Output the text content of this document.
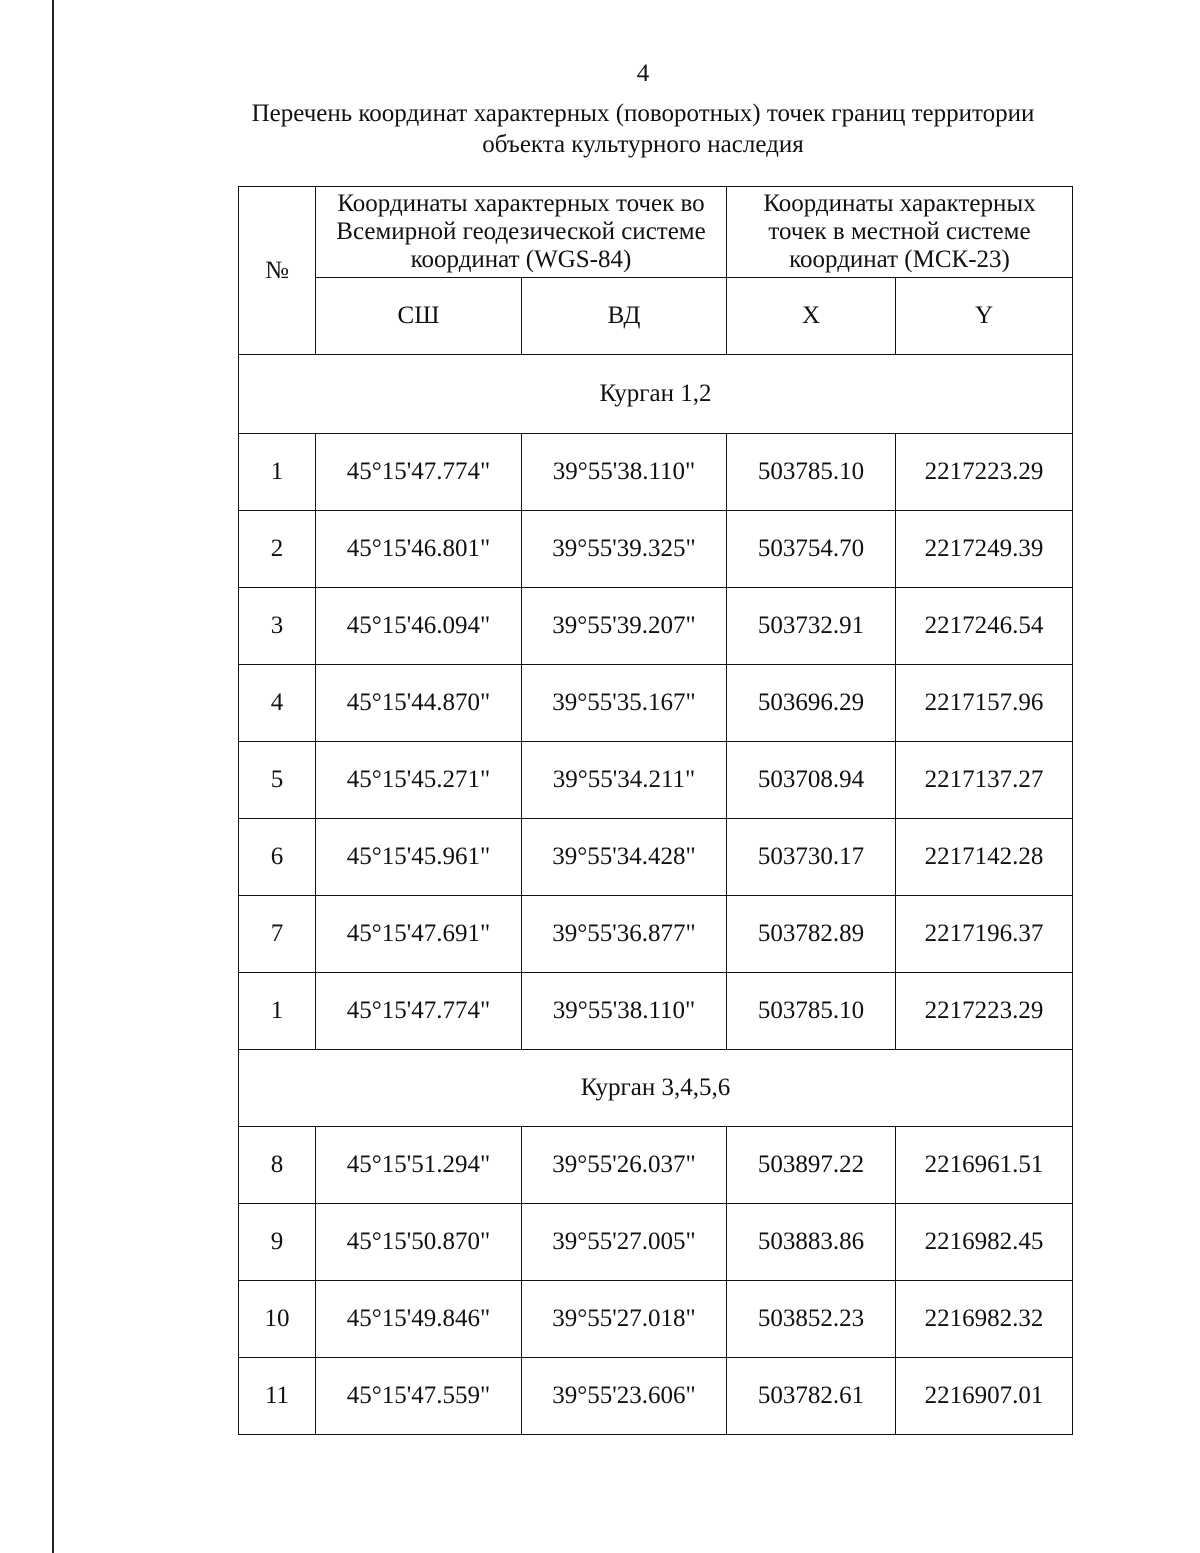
4
Перечень координат характерных (поворотных) точек границ территории
объекта культурного наследия
№	Координаты характерных точек во
Всемирной геодезической системе
координат (WGS-84)		Координаты характерных
точек в местной системе
координат (МСК-23)	

	СШ	ВД	X	Y
Курган 1,2				
1	45°15'47.774"	39°55'38.110"	503785.10	2217223.29
2	45°15'46.801"	39°55'39.325"	503754.70	2217249.39
3	45°15'46.094"	39°55'39.207"	503732.91	2217246.54
4	45°15'44.870"	39°55'35.167"	503696.29	2217157.96
5	45°15'45.271"	39°55'34.211"	503708.94	2217137.27
6	45°15'45.961"	39°55'34.428"	503730.17	2217142.28
7	45°15'47.691"	39°55'36.877"	503782.89	2217196.37
1	45°15'47.774"	39°55'38.110"	503785.10	2217223.29
Курган 3,4,5,6				
8	45°15'51.294"	39°55'26.037"	503897.22	2216961.51
9	45°15'50.870"	39°55'27.005"	503883.86	2216982.45
10	45°15'49.846"	39°55'27.018"	503852.23	2216982.32
11	45°15'47.559"	39°55'23.606"	503782.61	2216907.01
